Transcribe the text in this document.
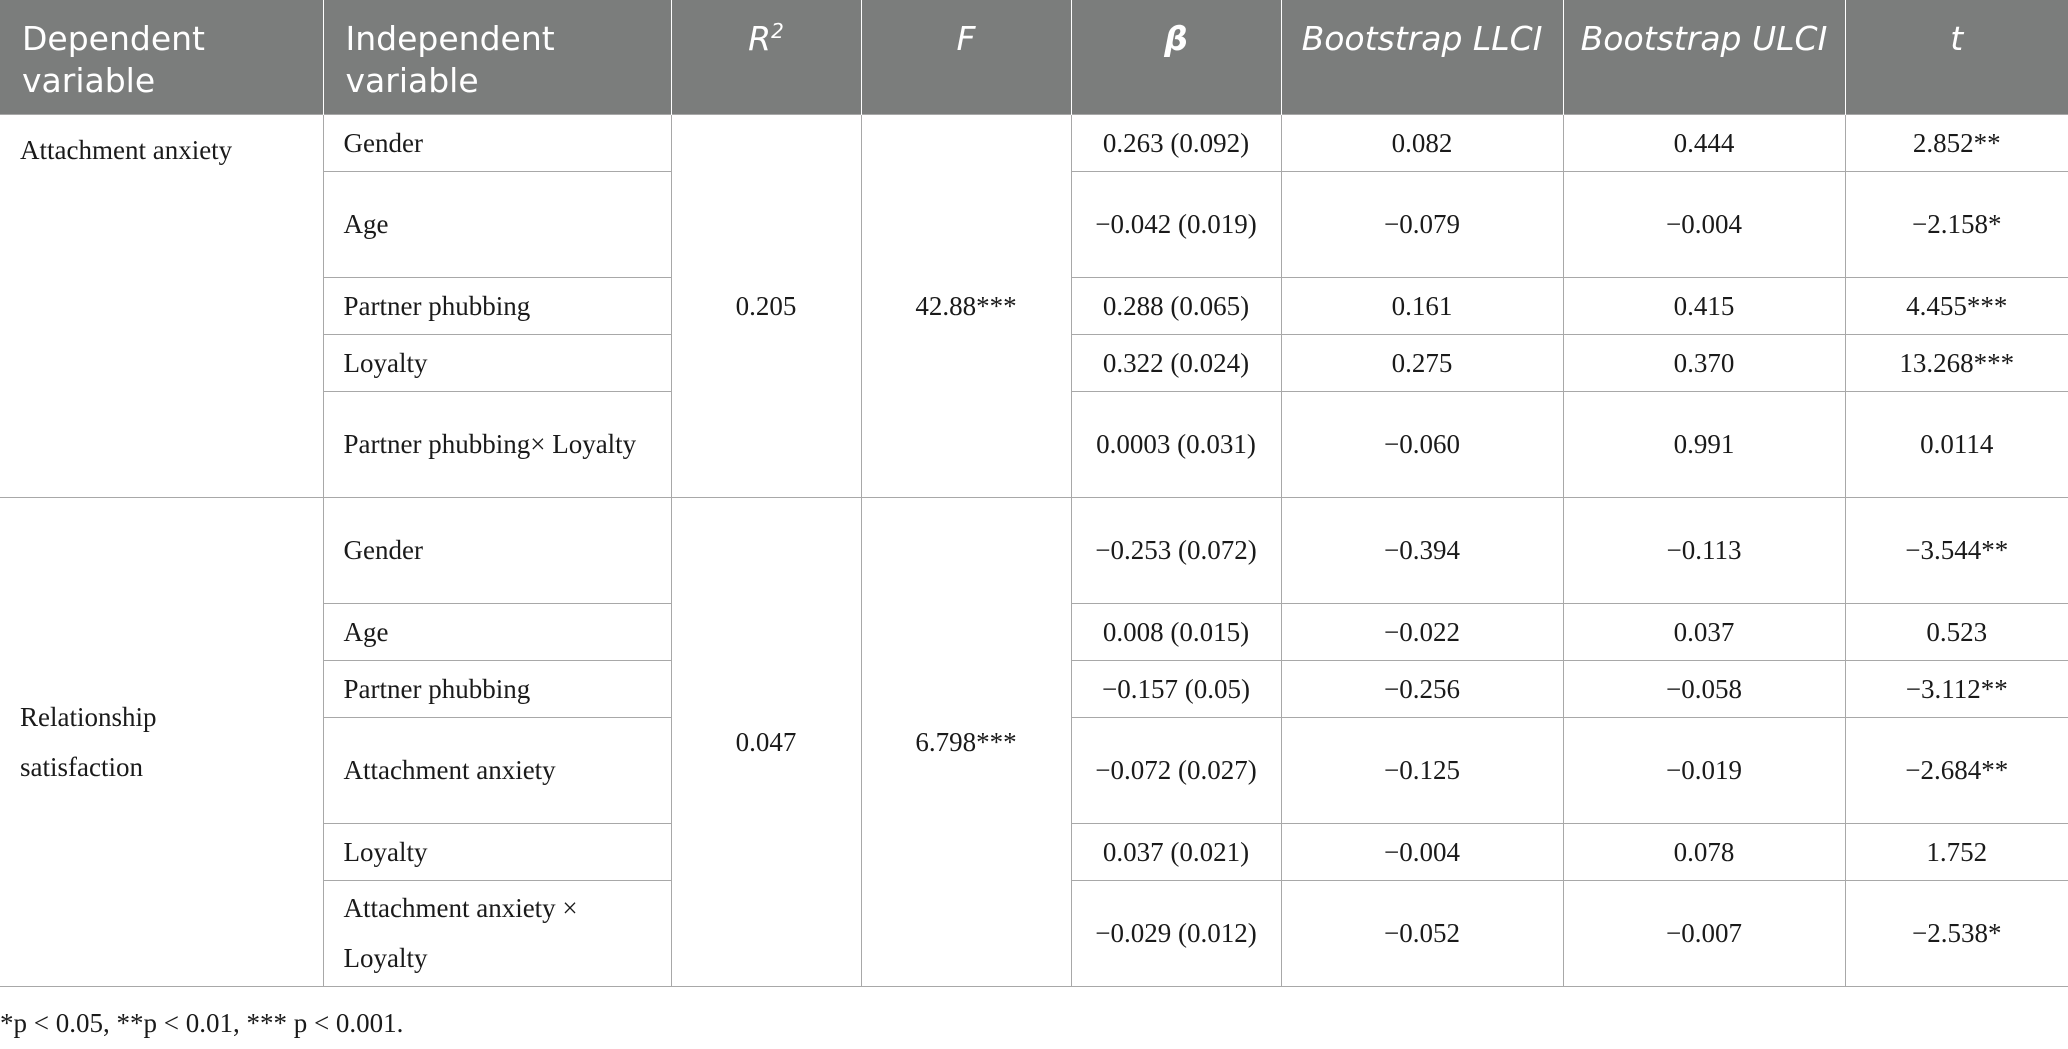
Dependent variable	Independent variable	$R^2$	F	β	Bootstrap LLCI	Bootstrap ULCI	t
Attachment anxiety	Gender	0.205	42.88***	0.263 (0.092)	0.082	0.444	2.852**
	Age			−0.042 (0.019)	−0.079	−0.004	−2.158*
	Partner phubbing			0.288 (0.065)	0.161	0.415	4.455***
	Loyalty			0.322 (0.024)	0.275	0.370	13.268***
	Partner phubbing× Loyalty			0.0003 (0.031)	−0.060	0.991	0.0114
Relationship satisfaction	Gender	0.047	6.798***	−0.253 (0.072)	−0.394	−0.113	−3.544**
	Age			0.008 (0.015)	−0.022	0.037	0.523
	Partner phubbing			−0.157 (0.05)	−0.256	−0.058	−3.112**
	Attachment anxiety			−0.072 (0.027)	−0.125	−0.019	−2.684**
	Loyalty			0.037 (0.021)	−0.004	0.078	1.752
	Attachment anxiety × Loyalty			−0.029 (0.012)	−0.052	−0.007	−2.538*
*p < 0.05, **p < 0.01, *** p < 0.001.
